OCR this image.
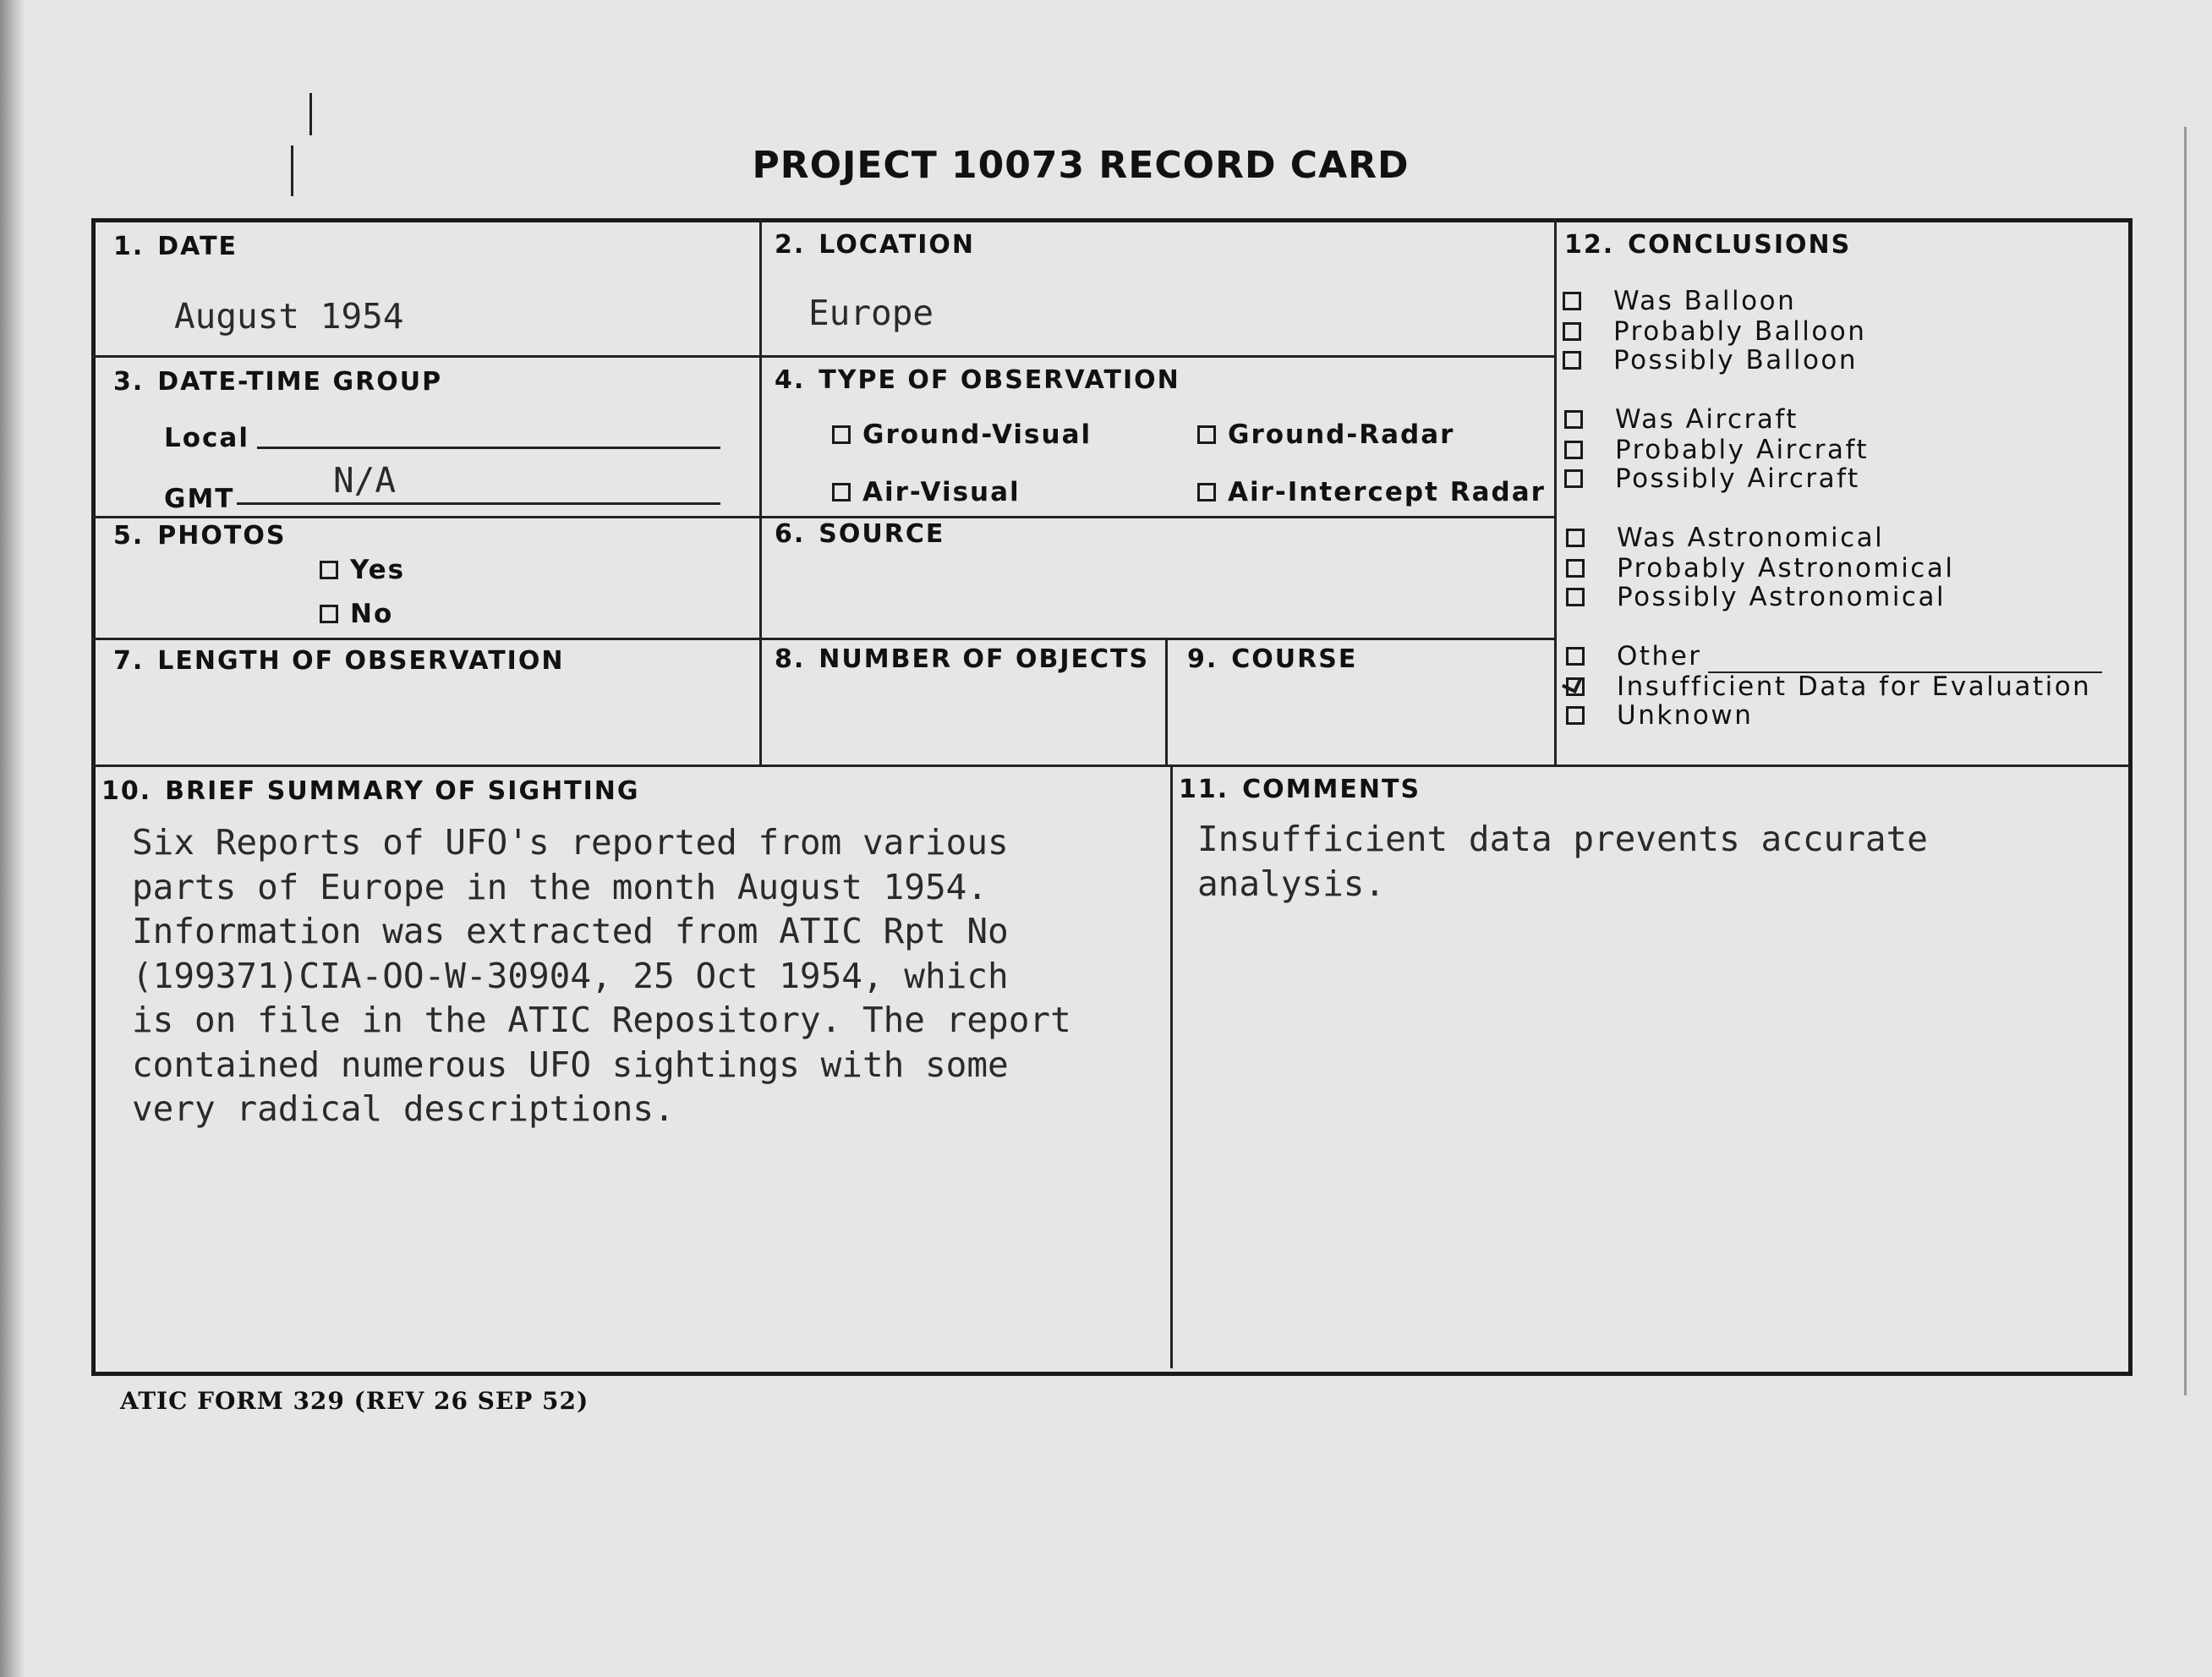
PROJECT 10073 RECORD CARD
1. DATE
August 1954
2. LOCATION
Europe
3. DATE-TIME GROUP
Local
GMT	N/A
4. TYPE OF OBSERVATION
Ground-Visual	Ground-Radar
Air-Visual	Air-Intercept Radar
5. PHOTOS
Yes
No
6. SOURCE
7. LENGTH OF OBSERVATION	8. NUMBER OF OBJECTS 9. COURSE
12. CONCLUSIONS
Was Balloon
Probably Balloon
Possibly Balloon
Was Aircraft
Probably Aircraft
Possibly Aircraft
Was Astronomical
Probably Astronomical
Possibly Astronomical
Other
Insufficient Data for Evaluation
Unknown
10. BRIEF SUMMARY OF SIGHTING
Six Reports of UFO's reported from various
parts of Europe in the month August 1954.
Information was extracted from ATIC Rpt No
(199371)CIA-OO-W-30904, 25 Oct 1954, which
is on file in the ATIC Repository. The report
contained numerous UFO sightings with some
very radical descriptions.
11. COMMENTS
Insufficient data prevents accurate
analysis.
ATIC FORM 329 (REV 26 SEP 52)
